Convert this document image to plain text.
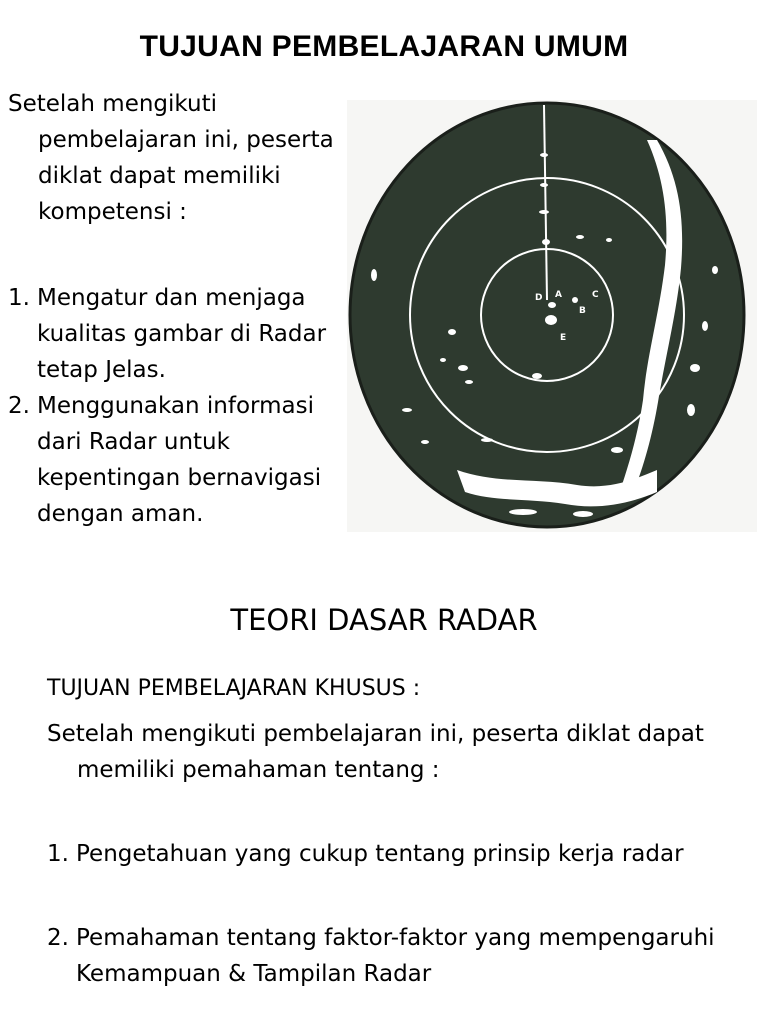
TUJUAN PEMBELAJARAN UMUM
Setelah mengikuti pembelajaran ini, peserta diklat dapat memiliki kompetensi :
1. Mengatur dan menjaga kualitas gambar di Radar tetap Jelas.
2. Menggunakan informasi dari Radar untuk kepentingan bernavigasi dengan aman.
D A	C
B
E
TEORI DASAR RADAR
TUJUAN PEMBELAJARAN KHUSUS :
Setelah mengikuti pembelajaran ini, peserta diklat dapat memiliki pemahaman tentang :
1. Pengetahuan yang cukup tentang prinsip kerja radar
2. Pemahaman tentang faktor-faktor yang mempengaruhi Kemampuan & Tampilan Radar
